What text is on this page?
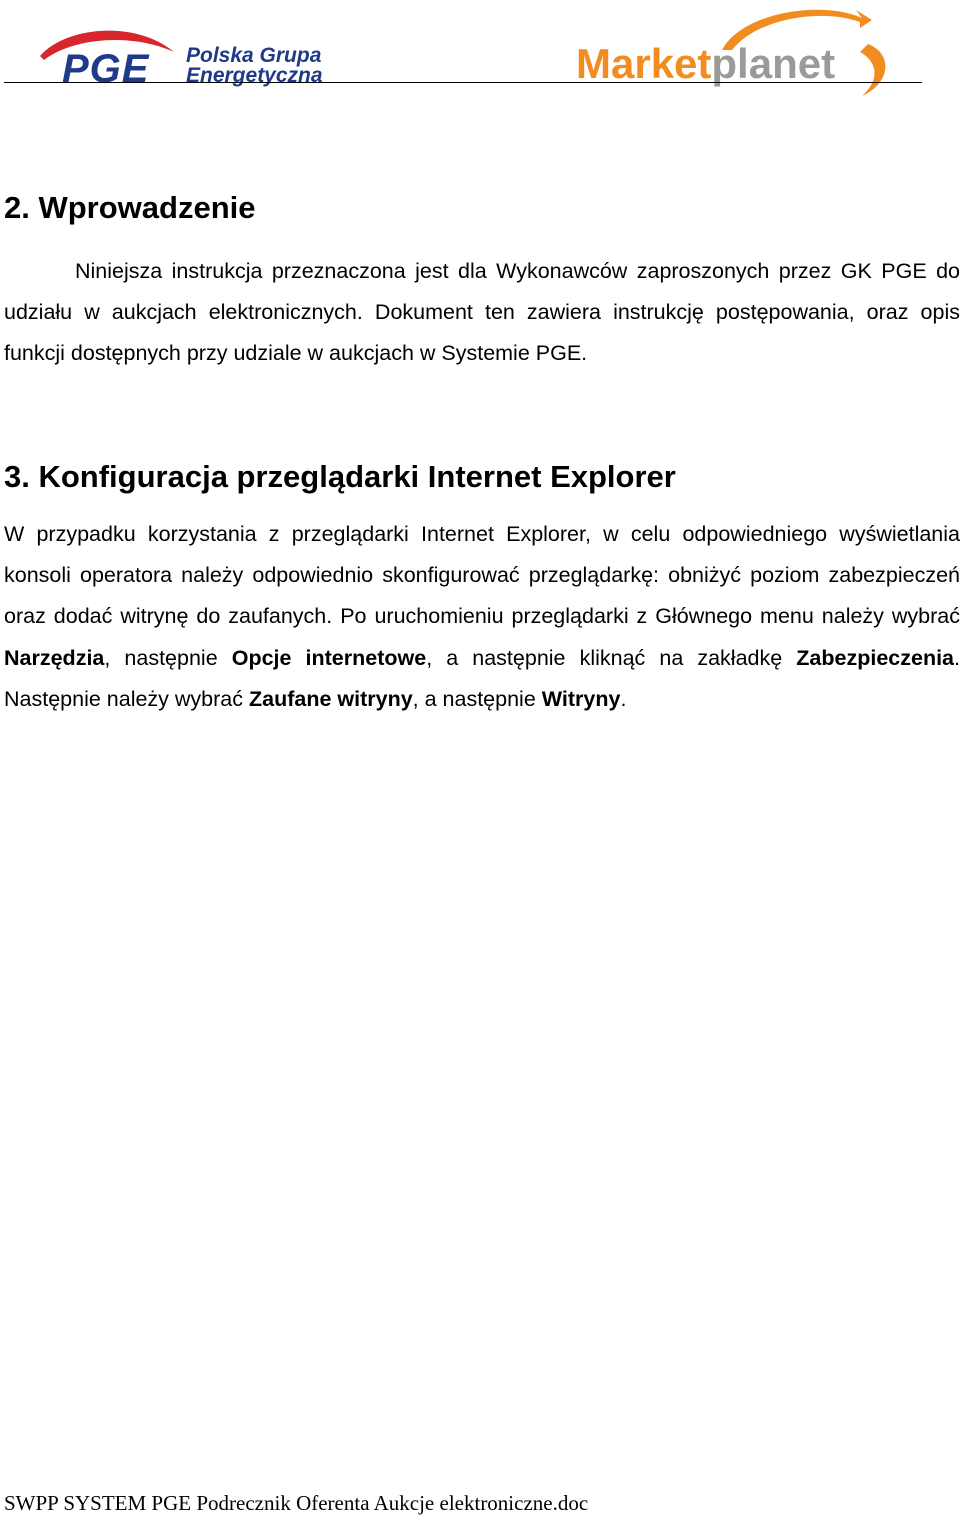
PGE Polska Grupa
Energetyczna	Marketplanet
2. Wprowadzenie

Niniejsza instrukcja przeznaczona jest dla Wykonawców zaproszonych przez GK PGE do udziału w aukcjach elektronicznych. Dokument ten zawiera instrukcję postępowania, oraz opis funkcji dostępnych przy udziale w aukcjach w Systemie PGE.

3. Konfiguracja przeglądarki Internet Explorer

W przypadku korzystania z przeglądarki Internet Explorer, w celu odpowiedniego wyświetlania konsoli operatora należy odpowiednio skonfigurować przeglądarkę: obniżyć poziom zabezpieczeń oraz dodać witrynę do zaufanych. Po uruchomieniu przeglądarki z Głównego menu należy wybrać Narzędzia, następnie Opcje internetowe, a następnie kliknąć na zakładkę Zabezpieczenia. Następnie należy wybrać Zaufane witryny, a następnie Witryny.

SWPP SYSTEM PGE Podrecznik Oferenta Aukcje elektroniczne.doc
